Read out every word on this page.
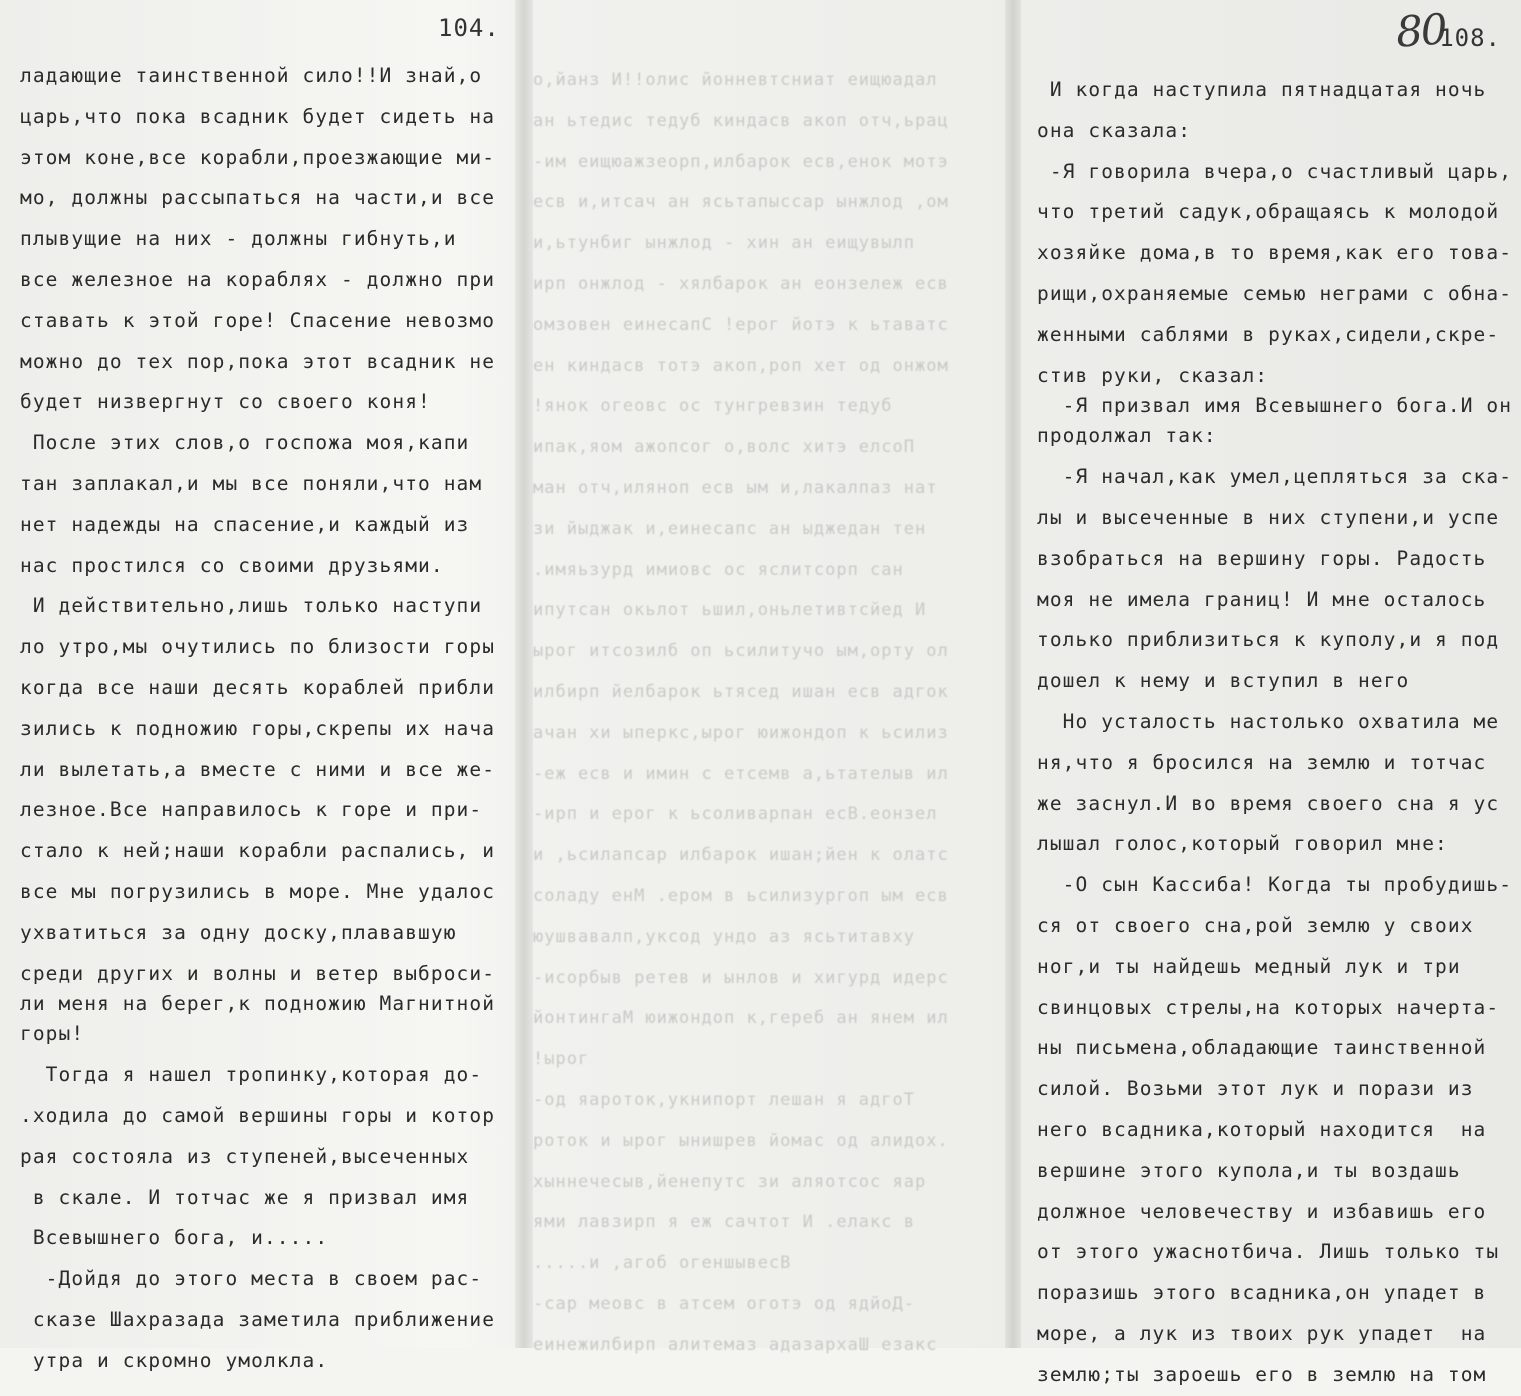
104.
ладающие таинственной сило!!И знай,о
царь,что пока всадник будет сидеть на
этом коне,все корабли,проезжающие ми-
мо, должны рассыпаться на части,и все
плывущие на них - должны гибнуть,и
все железное на кораблях - должно при
ставать к этой горе! Спасение невозмо
можно до тех пор,пока этот всадник не
будет низвергнут со своего коня!
После этих слов,о госпожа моя,капи
тан заплакал,и мы все поняли,что нам
нет надежды на спасение,и каждый из
нас простился со своими друзьями.
И действительно,лишь только наступи
ло утро,мы очутились по близости горы
когда все наши десять кораблей прибли
зились к подножию горы,скрепы их нача
ли вылетать,а вместе с ними и все же-
лезное.Все направилось к горе и при-
стало к ней;наши корабли распались, и
все мы погрузились в море. Мне удалос
ухватиться за одну доску,плававшую
среди других и волны и ветер выброси-
ли меня на берег,к подножию Магнитной
горы!
Тогда я нашел тропинку,которая до-
.ходила до самой вершины горы и котор
рая состояла из ступеней,высеченных
в скале. И тотчас же я призвал имя
Всевышнего бога, и.....
-Дойдя до этого места в своем рас-
сказе Шахразада заметила приближение
утра и скромно умолкла.
о,йанз И!!олис йонневтсниат еищюадал
ан ьтедис тедуб киндасв акоп отч,ьрац
-им еищюажзеорп,илбарок есв,енок мотэ
есв и,итсач ан ясьтапыссар ынжлод ,ом
и,ьтунбиг ынжлод - хин ан еищувылп
ирп онжлод - хялбарок ан еонзележ есв
омзовен еинесапС !ерог йотэ к ьтаватс
ен киндасв тотэ акоп,роп хет од онжом
!янок огеовс ос тунгревзин тедуб
ипак,яом ажопсог о,волс хитэ елсоП
ман отч,иляноп есв ым и,лакалпаз нат
зи йыджак и,еинесапс ан ыджедан тен
.имяьзурд имиовс ос яслитсорп сан
ипутсан окьлот ьшил,оньлетивтсйед И
ырог итсозилб оп ьсилитучо ым,орту ол
илбирп йелбарок ьтясед ишан есв адгок
ачан хи ыперкс,ырог юижондоп к ьсилиз
-еж есв и имин с етсемв а,ьтателыв ил
-ирп и ерог к ьсоливарпан есВ.еонзел
и ,ьсилапсар илбарок ишан;йен к олатс
соладу енМ .ером в ьсилизургоп ым есв
юушвавалп,уксод ундо аз ясьтитавху
-исорбыв ретев и ынлов и хигурд идерс
йонтингаМ юижондоп к,гереб ан янем ил
!ырог
-од яароток,укнипорт лешан я адгоТ
роток и ырог ынишрев йомас од алидох.
хыннечесыв,йенепутс зи аляотсос яар
ями лавзирп я еж сачтот И .елакс в
.....и ,агоб огеншывесВ
-сар меовс в атсем оготэ од ядйоД-
еинежилбирп алитемаз адазархаШ езакс
80
108.
И когда наступила пятнадцатая ночь
она сказала:
-Я говорила вчера,о счастливый царь,
что третий садук,обращаясь к молодой
хозяйке дома,в то время,как его това-
рищи,охраняемые семью неграми с обна-
женными саблями в руках,сидели,скре-
стив руки, сказал:
-Я призвал имя Всевышнего бога.И он
продолжал так:
-Я начал,как умел,цепляться за ска-
лы и высеченные в них ступени,и успе
взобраться на вершину горы. Радость
моя не имела границ! И мне осталось
только приблизиться к куполу,и я под
дошел к нему и вступил в него
Но усталость настолько охватила ме
ня,что я бросился на землю и тотчас
же заснул.И во время своего сна я ус
лышал голос,который говорил мне:
-О сын Кассиба! Когда ты пробудишь-
ся от своего сна,рой землю у своих
ног,и ты найдешь медный лук и три
свинцовых стрелы,на которых начерта-
ны письмена,обладающие таинственной
силой. Возьми этот лук и порази из
него всадника,который находится  на
вершине этого купола,и ты воздашь
должное человечеству и избавишь его
от этого ужаснотбича. Лишь только ты
поразишь этого всадника,он упадет в
море, а лук из твоих рук упадет  на
землю;ты зароешь его в землю на том
